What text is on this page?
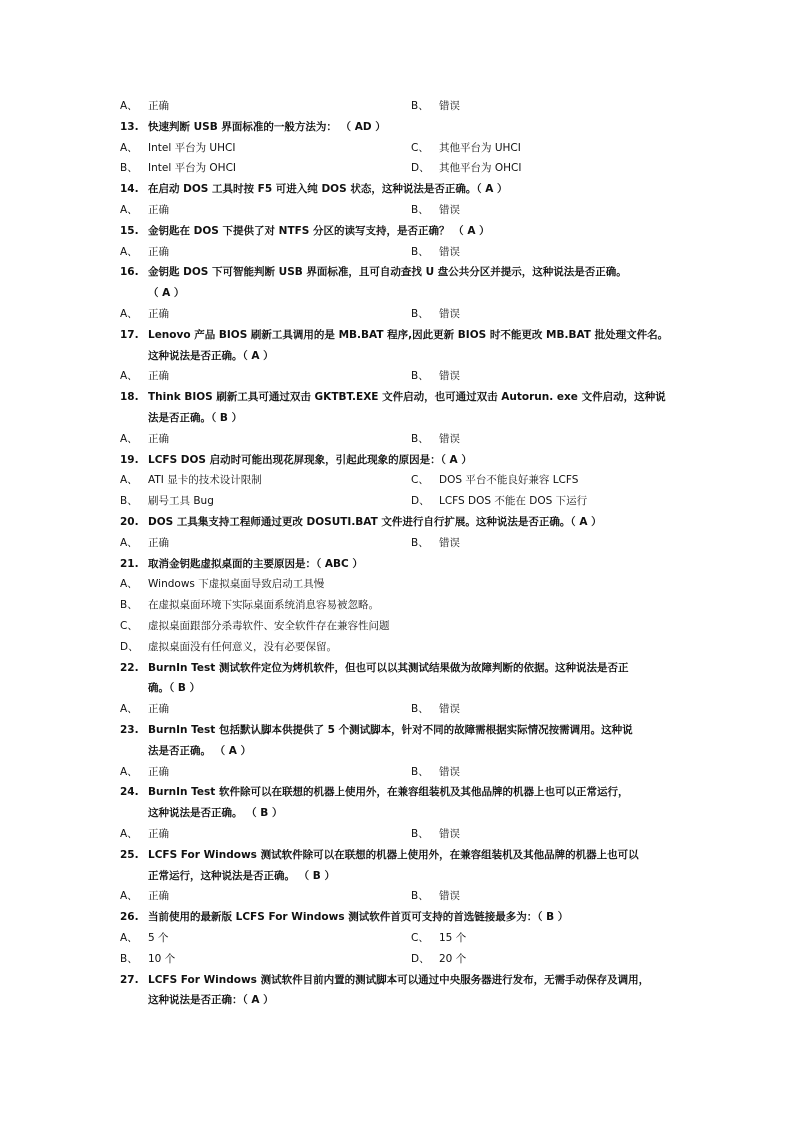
A、 正确	B、 错误
13. 快速判断 USB 界面标准的一般方法为： （ AD ）
A、 Intel 平台为 UHCI	C、 其他平台为 UHCI
B、 Intel 平台为 OHCI	D、 其他平台为 OHCI
14. 在启动 DOS 工具时按 F5 可进入纯 DOS 状态，这种说法是否正确。（ A ）
A、 正确	B、 错误
15. 金钥匙在 DOS 下提供了对 NTFS 分区的读写支持，是否正确？ （ A ）
A、 正确	B、 错误
16. 金钥匙 DOS 下可智能判断 USB 界面标准，且可自动查找 U 盘公共分区并提示，这种说法是否正确。
（ A ）
A、 正确	B、 错误
17. Lenovo 产品 BIOS 刷新工具调用的是 MB.BAT 程序,因此更新 BIOS 时不能更改 MB.BAT 批处理文件名。
这种说法是否正确。（ A ）
A、 正确	B、 错误
18. Think BIOS 刷新工具可通过双击 GKTBT.EXE 文件启动，也可通过双击 Autorun. exe 文件启动，这种说
法是否正确。（ B ）
A、 正确	B、 错误
19. LCFS DOS 启动时可能出现花屏现象，引起此现象的原因是：（ A ）
A、 ATI 显卡的技术设计限制	C、 DOS 平台不能良好兼容 LCFS
B、 刷号工具 Bug	D、 LCFS DOS 不能在 DOS 下运行
20. DOS 工具集支持工程师通过更改 DOSUTI.BAT 文件进行自行扩展。这种说法是否正确。（ A ）
A、 正确	B、 错误
21. 取消金钥匙虚拟桌面的主要原因是：（ ABC ）
A、 Windows 下虚拟桌面导致启动工具慢
B、 在虚拟桌面环境下实际桌面系统消息容易被忽略。
C、 虚拟桌面跟部分杀毒软件、安全软件存在兼容性问题
D、 虚拟桌面没有任何意义，没有必要保留。
22. BurnIn Test 测试软件定位为烤机软件，但也可以以其测试结果做为故障判断的依据。这种说法是否正
确。（ B ）
A、 正确	B、 错误
23. BurnIn Test 包括默认脚本供提供了 5 个测试脚本，针对不同的故障需根据实际情况按需调用。这种说
法是否正确。 （ A ）
A、 正确	B、 错误
24. BurnIn Test 软件除可以在联想的机器上使用外，在兼容组装机及其他品牌的机器上也可以正常运行，
这种说法是否正确。 （ B ）
A、 正确	B、 错误
25. LCFS For Windows 测试软件除可以在联想的机器上使用外，在兼容组装机及其他品牌的机器上也可以
正常运行，这种说法是否正确。 （ B ）
A、 正确	B、 错误
26. 当前使用的最新版 LCFS For Windows 测试软件首页可支持的首选链接最多为：（ B ）
A、 5 个	C、 15 个
B、 10 个	D、 20 个
27. LCFS For Windows 测试软件目前内置的测试脚本可以通过中央服务器进行发布，无需手动保存及调用，
这种说法是否正确：（ A ）
